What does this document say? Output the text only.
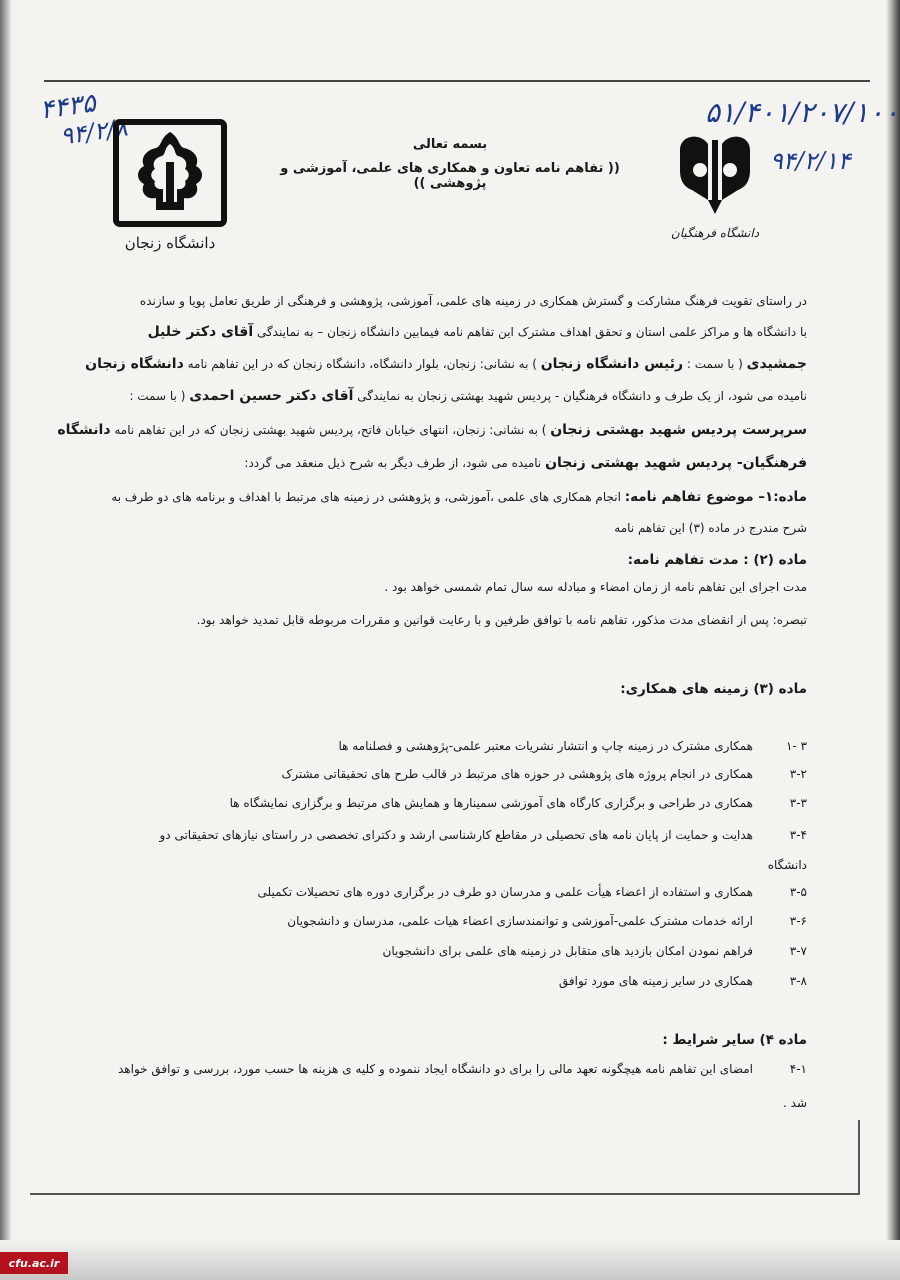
۴۴۳۵
۹۴/۲/۸
۵۱/۴۰۱/۲۰۷/۱۰۰
۹۴/۲/۱۴
دانشگاه زنجان
دانشگاه فرهنگیان
بسمه تعالی
(( تفاهم نامه تعاون و همکاری های علمی، آموزشی و پژوهشی ))
در راستای تقویت فرهنگ مشارکت و گسترش همکاری در زمینه های علمی، آموزشی، پژوهشی و فرهنگی از طریق تعامل پویا و سازنده
با دانشگاه ها و مراکز علمی استان و تحقق اهداف مشترک این تفاهم نامه فیمابین دانشگاه زنجان – به نمایندگی آقای دکتر خلیل
جمشیدی ( با سمت : رئیس دانشگاه زنجان ) به نشانی: زنجان، بلوار دانشگاه، دانشگاه زنجان که در این تفاهم نامه دانشگاه زنجان
نامیده می شود، از یک طرف و دانشگاه فرهنگیان - پردیس شهید بهشتی زنجان به نمایندگی آقای دکتر حسین احمدی ( با سمت :
سرپرست پردیس شهید بهشتی زنجان ) به نشانی: زنجان، انتهای خیابان فاتح، پردیس شهید بهشتی زنجان که در این تفاهم نامه دانشگاه
فرهنگیان- پردیس شهید بهشتی زنجان نامیده می شود، از طرف دیگر به شرح ذیل منعقد می گردد:
ماده:۱– موضوع تفاهم نامه: انجام همکاری های علمی ،آموزشی، و پژوهشی در زمینه های مرتبط با اهداف و برنامه های دو طرف به
شرح مندرج در ماده (۳) این تفاهم نامه
ماده (۲) : مدت تفاهم نامه:
مدت اجرای این تفاهم نامه از زمان امضاء و مبادله سه سال تمام شمسی خواهد بود .
تبصره: پس از انقضای مدت مذکور، تفاهم نامه با توافق طرفین و با رعایت قوانین و مقررات مربوطه قابل تمدید خواهد بود.
ماده (۳) زمینه های همکاری:
۳ -۱همکاری مشترک در زمینه چاپ و انتشار نشریات معتبر علمی-پژوهشی و فصلنامه ها
۳-۲همکاری در انجام پروژه های پژوهشی در حوزه های مرتبط در قالب طرح های تحقیقاتی مشترک
۳-۳همکاری در طراحی و برگزاری کارگاه های آموزشی سمینارها و همایش های مرتبط و برگزاری نمایشگاه ها
۳-۴هدایت و حمایت از پایان نامه های تحصیلی در مقاطع کارشناسی ارشد و دکترای تخصصی در راستای نیازهای تحقیقاتی دو
دانشگاه
۳-۵همکاری و استفاده از اعضاء هیأت علمی و مدرسان دو طرف در برگزاری دوره های تحصیلات تکمیلی
۳-۶ارائه خدمات مشترک علمی-آموزشی و توانمندسازی اعضاء هیات علمی، مدرسان و دانشجویان
۳-۷فراهم نمودن امکان بازدید های متقابل در زمینه های علمی برای دانشجویان
۳-۸همکاری در سایر زمینه های مورد توافق
ماده ۴) سایر شرایط :
۴-۱امضای این تفاهم نامه هیچگونه تعهد مالی را برای دو دانشگاه ایجاد ننموده و کلیه ی هزینه ها حسب مورد، بررسی و توافق خواهد
شد .
cfu.ac.ir
